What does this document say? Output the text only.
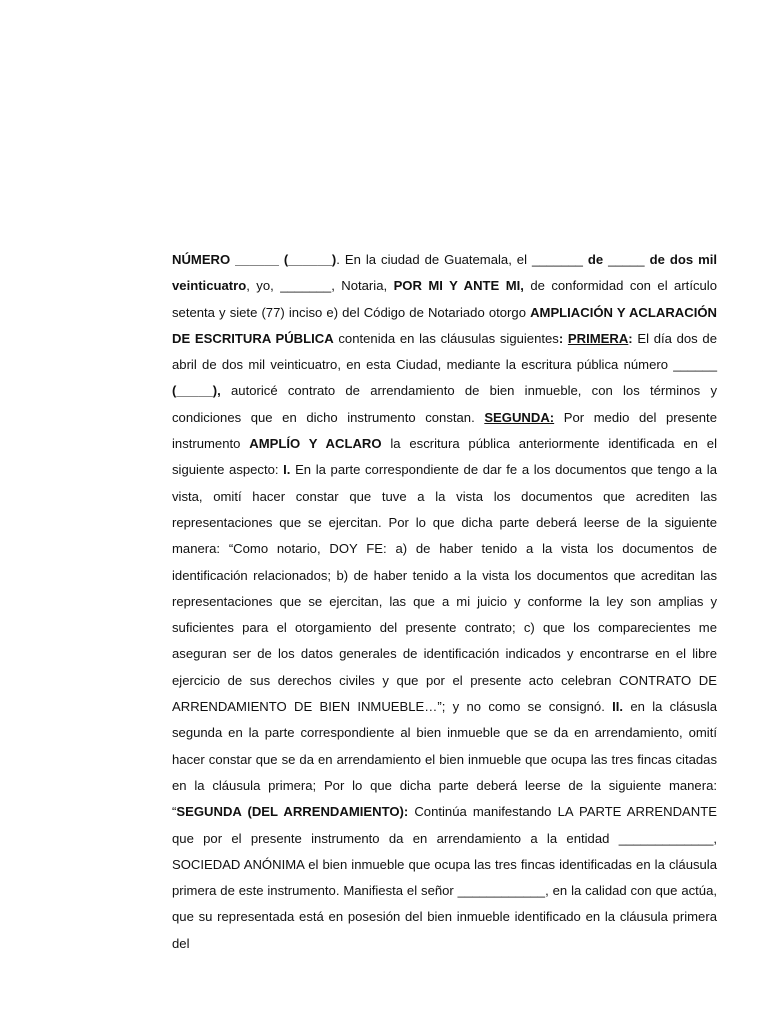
NÚMERO ______ (______). En la ciudad de Guatemala, el _______ de _____ de dos mil veinticuatro, yo, _______, Notaria, POR MI Y ANTE MI, de conformidad con el artículo setenta y siete (77) inciso e) del Código de Notariado otorgo AMPLIACIÓN Y ACLARACIÓN DE ESCRITURA PÚBLICA contenida en las cláusulas siguientes: PRIMERA: El día dos de abril de dos mil veinticuatro, en esta Ciudad, mediante la escritura pública número ______ (_____), autoricé contrato de arrendamiento de bien inmueble, con los términos y condiciones que en dicho instrumento constan. SEGUNDA: Por medio del presente instrumento AMPLÍO Y ACLARO la escritura pública anteriormente identificada en el siguiente aspecto: I. En la parte correspondiente de dar fe a los documentos que tengo a la vista, omití hacer constar que tuve a la vista los documentos que acrediten las representaciones que se ejercitan. Por lo que dicha parte deberá leerse de la siguiente manera: “Como notario, DOY FE: a) de haber tenido a la vista los documentos de identificación relacionados; b) de haber tenido a la vista los documentos que acreditan las representaciones que se ejercitan, las que a mi juicio y conforme la ley son amplias y suficientes para el otorgamiento del presente contrato; c) que los comparecientes me aseguran ser de los datos generales de identificación indicados y encontrarse en el libre ejercicio de sus derechos civiles y que por el presente acto celebran CONTRATO DE ARRENDAMIENTO DE BIEN INMUEBLE…”; y no como se consignó. II. en la clásusla segunda en la parte correspondiente al bien inmueble que se da en arrendamiento, omití hacer constar que se da en arrendamiento el bien inmueble que ocupa las tres fincas citadas en la cláusula primera; Por lo que dicha parte deberá leerse de la siguiente manera: “SEGUNDA (DEL ARRENDAMIENTO): Continúa manifestando LA PARTE ARRENDANTE que por el presente instrumento da en arrendamiento a la entidad _____________, SOCIEDAD ANÓNIMA el bien inmueble que ocupa las tres fincas identificadas en la cláusula primera de este instrumento. Manifiesta el señor ____________, en la calidad con que actúa, que su representada está en posesión del bien inmueble identificado en la cláusula primera del
